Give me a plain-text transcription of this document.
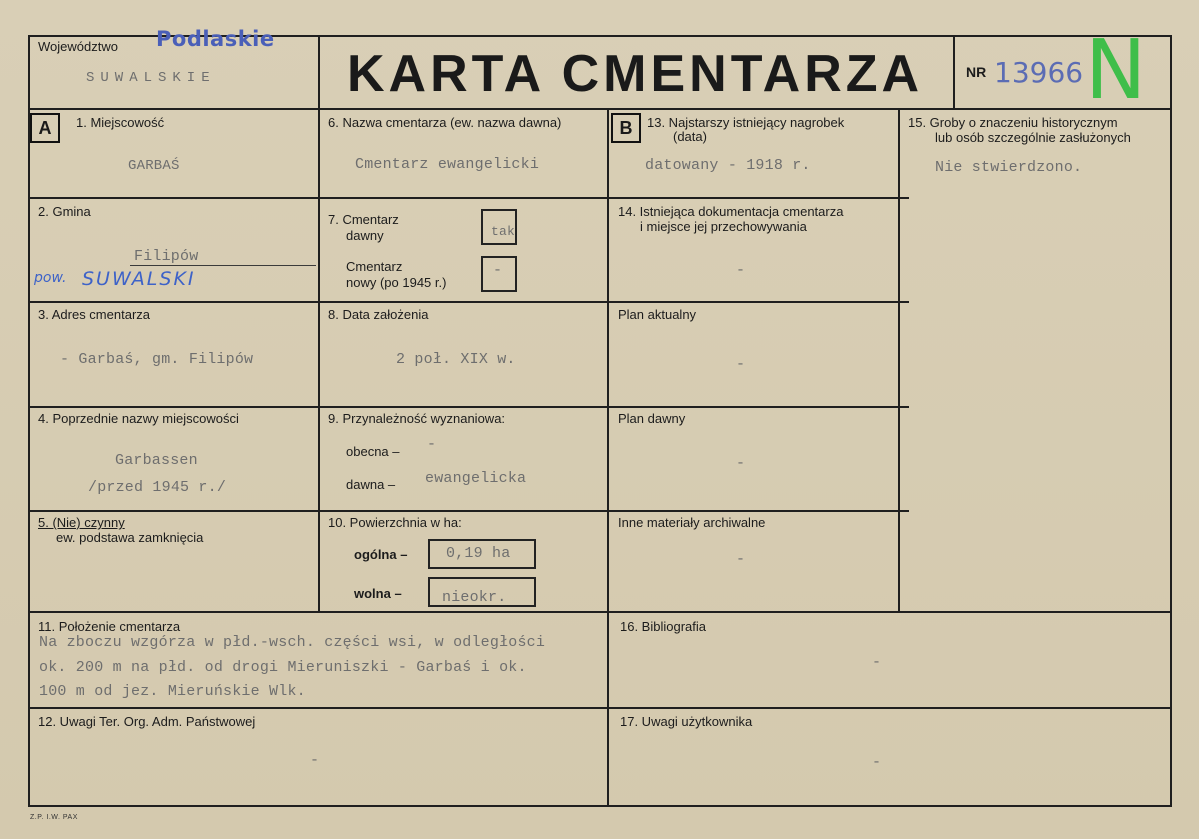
Województwo Podlaskie
SUWALSKIE	KARTA CMENTARZA	NR 13966 N
A	B
1. Miejscowość
GARBAŚ
2. Gmina
Filipów
pow. SUWALSKI
3. Adres cmentarza
- Garbaś, gm. Filipów
4. Poprzednie nazwy miejscowości
Garbassen
/przed 1945 r./
5. (Nie) czynny
ew. podstawa zamknięcia
6. Nazwa cmentarza (ew. nazwa dawna)
Cmentarz ewangelicki
7. Cmentarz
dawny	tak
Cmentarz
nowy (po 1945 r.)
-
8. Data założenia
2 poł. XIX w.
9. Przynależność wyznaniowa:
obecna – -
dawna – ewangelicka
10. Powierzchnia w ha:
ogólna –	0,19 ha
wolna –	nieokr.
11. Położenie cmentarza
Na zboczu wzgórza w płd.-wsch. części wsi, w odległości
ok. 200 m na płd. od drogi Mieruniszki - Garbaś i ok.
100 m od jez. Mieruńskie Wlk.
12. Uwagi Ter. Org. Adm. Państwowej
-
13. Najstarszy istniejący nagrobek
(data)
datowany - 1918 r.
14. Istniejąca dokumentacja cmentarza
i miejsce jej przechowywania
-
Plan aktualny
-
Plan dawny
-
Inne materiały archiwalne
-
15. Groby o znaczeniu historycznym
lub osób szczególnie zasłużonych
Nie stwierdzono.
16. Bibliografia
-
17. Uwagi użytkownika
-
Z.P. I.W. PAX
